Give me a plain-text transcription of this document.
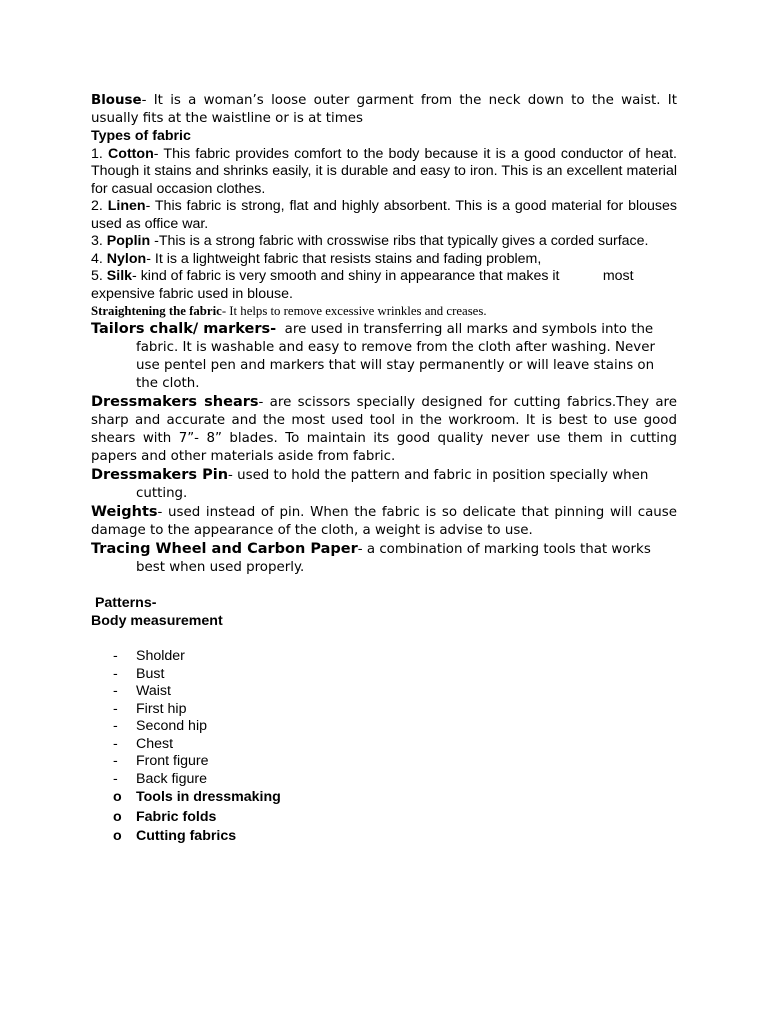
Blouse- It is a woman’s loose outer garment from the neck down to the waist. It usually fits at the waistline or is at times

Types of fabric

1. Cotton- This fabric provides comfort to the body because it is a good conductor of heat. Though it stains and shrinks easily, it is durable and easy to iron. This is an excellent material for casual occasion clothes.

2. Linen- This fabric is strong, flat and highly absorbent. This is a good material for blouses used as office war.

3. Poplin -This is a strong fabric with crosswise ribs that typically gives a corded surface.

4. Nylon- It is a lightweight fabric that resists stains and fading problem,

5. Silk- kind of fabric is very smooth and shiny in appearance that makes it           most expensive fabric used in blouse.

Straightening the fabric- It helps to remove excessive wrinkles and creases.

Tailors chalk/ markers-  are used in transferring all marks and symbols into the fabric. It is washable and easy to remove from the cloth after washing. Never use pentel pen and markers that will stay permanently or will leave stains on the cloth.

Dressmakers shears- are scissors specially designed for cutting fabrics.They are sharp and accurate and the most used tool in the workroom. It is best to use good shears with 7”- 8” blades. To maintain its good quality never use them in cutting papers and other materials aside from fabric.

Dressmakers Pin- used to hold the pattern and fabric in position specially when cutting.

Weights- used instead of pin. When the fabric is so delicate that pinning will cause damage to the appearance of the cloth, a weight is advise to use.

Tracing Wheel and Carbon Paper- a combination of marking tools that works best when used properly.

Patterns-

Body measurement

- Sholder
- Bust
- Waist
- First hip
- Second hip
- Chest
- Front figure
- Back figure
o Tools in dressmaking
o Fabric folds
o Cutting fabrics
